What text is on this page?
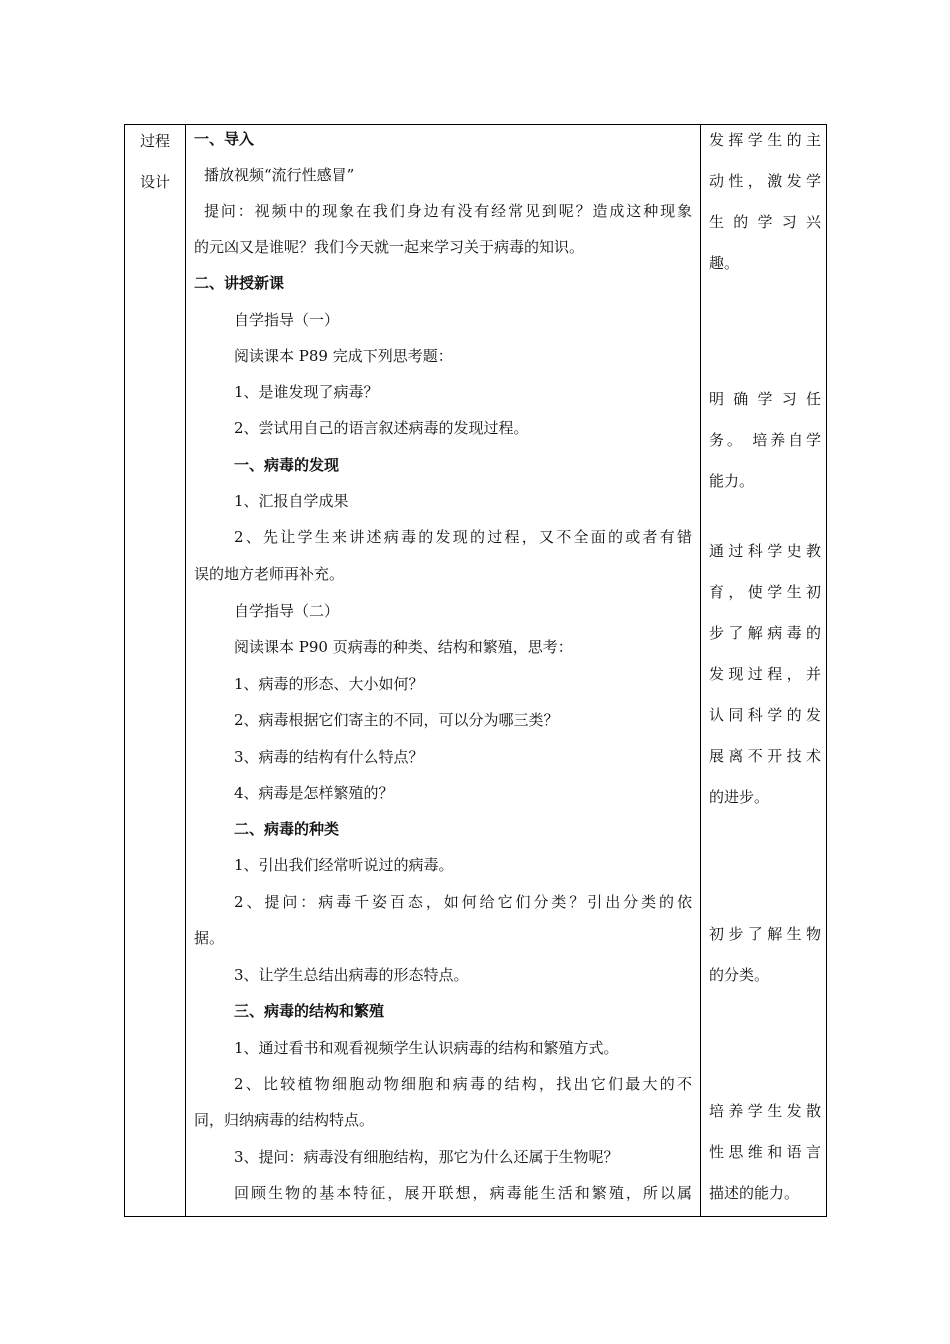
过程
设计
一、导入
播放视频“流行性感冒”
提问：视频中的现象在我们身边有没有经常见到呢？造成这种现象
的元凶又是谁呢？我们今天就一起来学习关于病毒的知识。
二、讲授新课
自学指导（一）
阅读课本 P89 完成下列思考题：
1、是谁发现了病毒？
2、尝试用自己的语言叙述病毒的发现过程。
一、病毒的发现
1、汇报自学成果
2、先让学生来讲述病毒的发现的过程，又不全面的或者有错
误的地方老师再补充。
自学指导（二）
阅读课本 P90 页病毒的种类、结构和繁殖，思考：
1、病毒的形态、大小如何？
2、病毒根据它们寄主的不同，可以分为哪三类？
3、病毒的结构有什么特点？
4、病毒是怎样繁殖的？
二、病毒的种类
1、引出我们经常听说过的病毒。
2、提问：病毒千姿百态，如何给它们分类？引出分类的依
据。
3、让学生总结出病毒的形态特点。
三、病毒的结构和繁殖
1、通过看书和观看视频学生认识病毒的结构和繁殖方式。
2、比较植物细胞动物细胞和病毒的结构，找出它们最大的不
同，归纳病毒的结构特点。
3、提问：病毒没有细胞结构，那它为什么还属于生物呢？
回顾生物的基本特征，展开联想，病毒能生活和繁殖，所以属
发挥学生的主
动性，激发学
生的学习兴
趣。
明确学习任
务。 培养自学
能力。
通过科学史教
育，使学生初
步了解病毒的
发现过程，并
认同科学的发
展离不开技术
的进步。
初步了解生物
的分类。
培养学生发散
性思维和语言
描述的能力。
